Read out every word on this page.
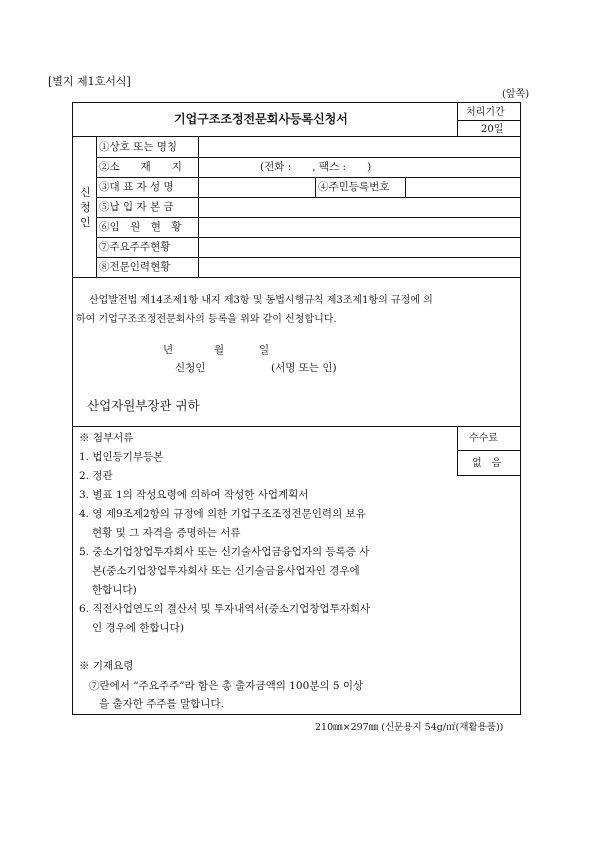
[별지 제1호서식]
(앞쪽)
기업구조조정전문회사등록신청서	처리기간
20일
신
청
인
①상호 또는 명칭
②소　　재　　지	(전화 :　　, 팩스 :　　)
③대 표 자 성 명	④주민등록번호
⑤납 입 자 본 금
⑥임　원　현　황
⑦주요주주현황
⑧전문인력현황
산업발전법 제14조제1항 내지 제3항 및 동법시행규칙 제3조제1항의 규정에 의
하여 기업구조조정전문회사의 등록을 위와 같이 신청합니다.
년	월	일
신청인	(서명 또는 인)
산업자원부장관 귀하
수수료
없　음
※ 첨부서류
1. 법인등기부등본
2. 정관
3. 별표 1의 작성요령에 의하여 작성한 사업계획서
4. 영 제9조제2항의 규정에 의한 기업구조조정전문인력의 보유
현황 및 그 자격을 증명하는 서류
5. 중소기업창업투자회사 또는 신기술사업금융업자의 등록증 사
본(중소기업창업투자회사 또는 신기술금융사업자인 경우에
한합니다)
6. 직전사업연도의 결산서 및 투자내역서(중소기업창업투자회사
인 경우에 한합니다)
※ 기재요령
⑦란에서 “주요주주”라 함은 총 출자금액의 100분의 5 이상
을 출자한 주주를 말합니다.
210㎜×297㎜ (신문용지 54g/㎡(재활용품))
